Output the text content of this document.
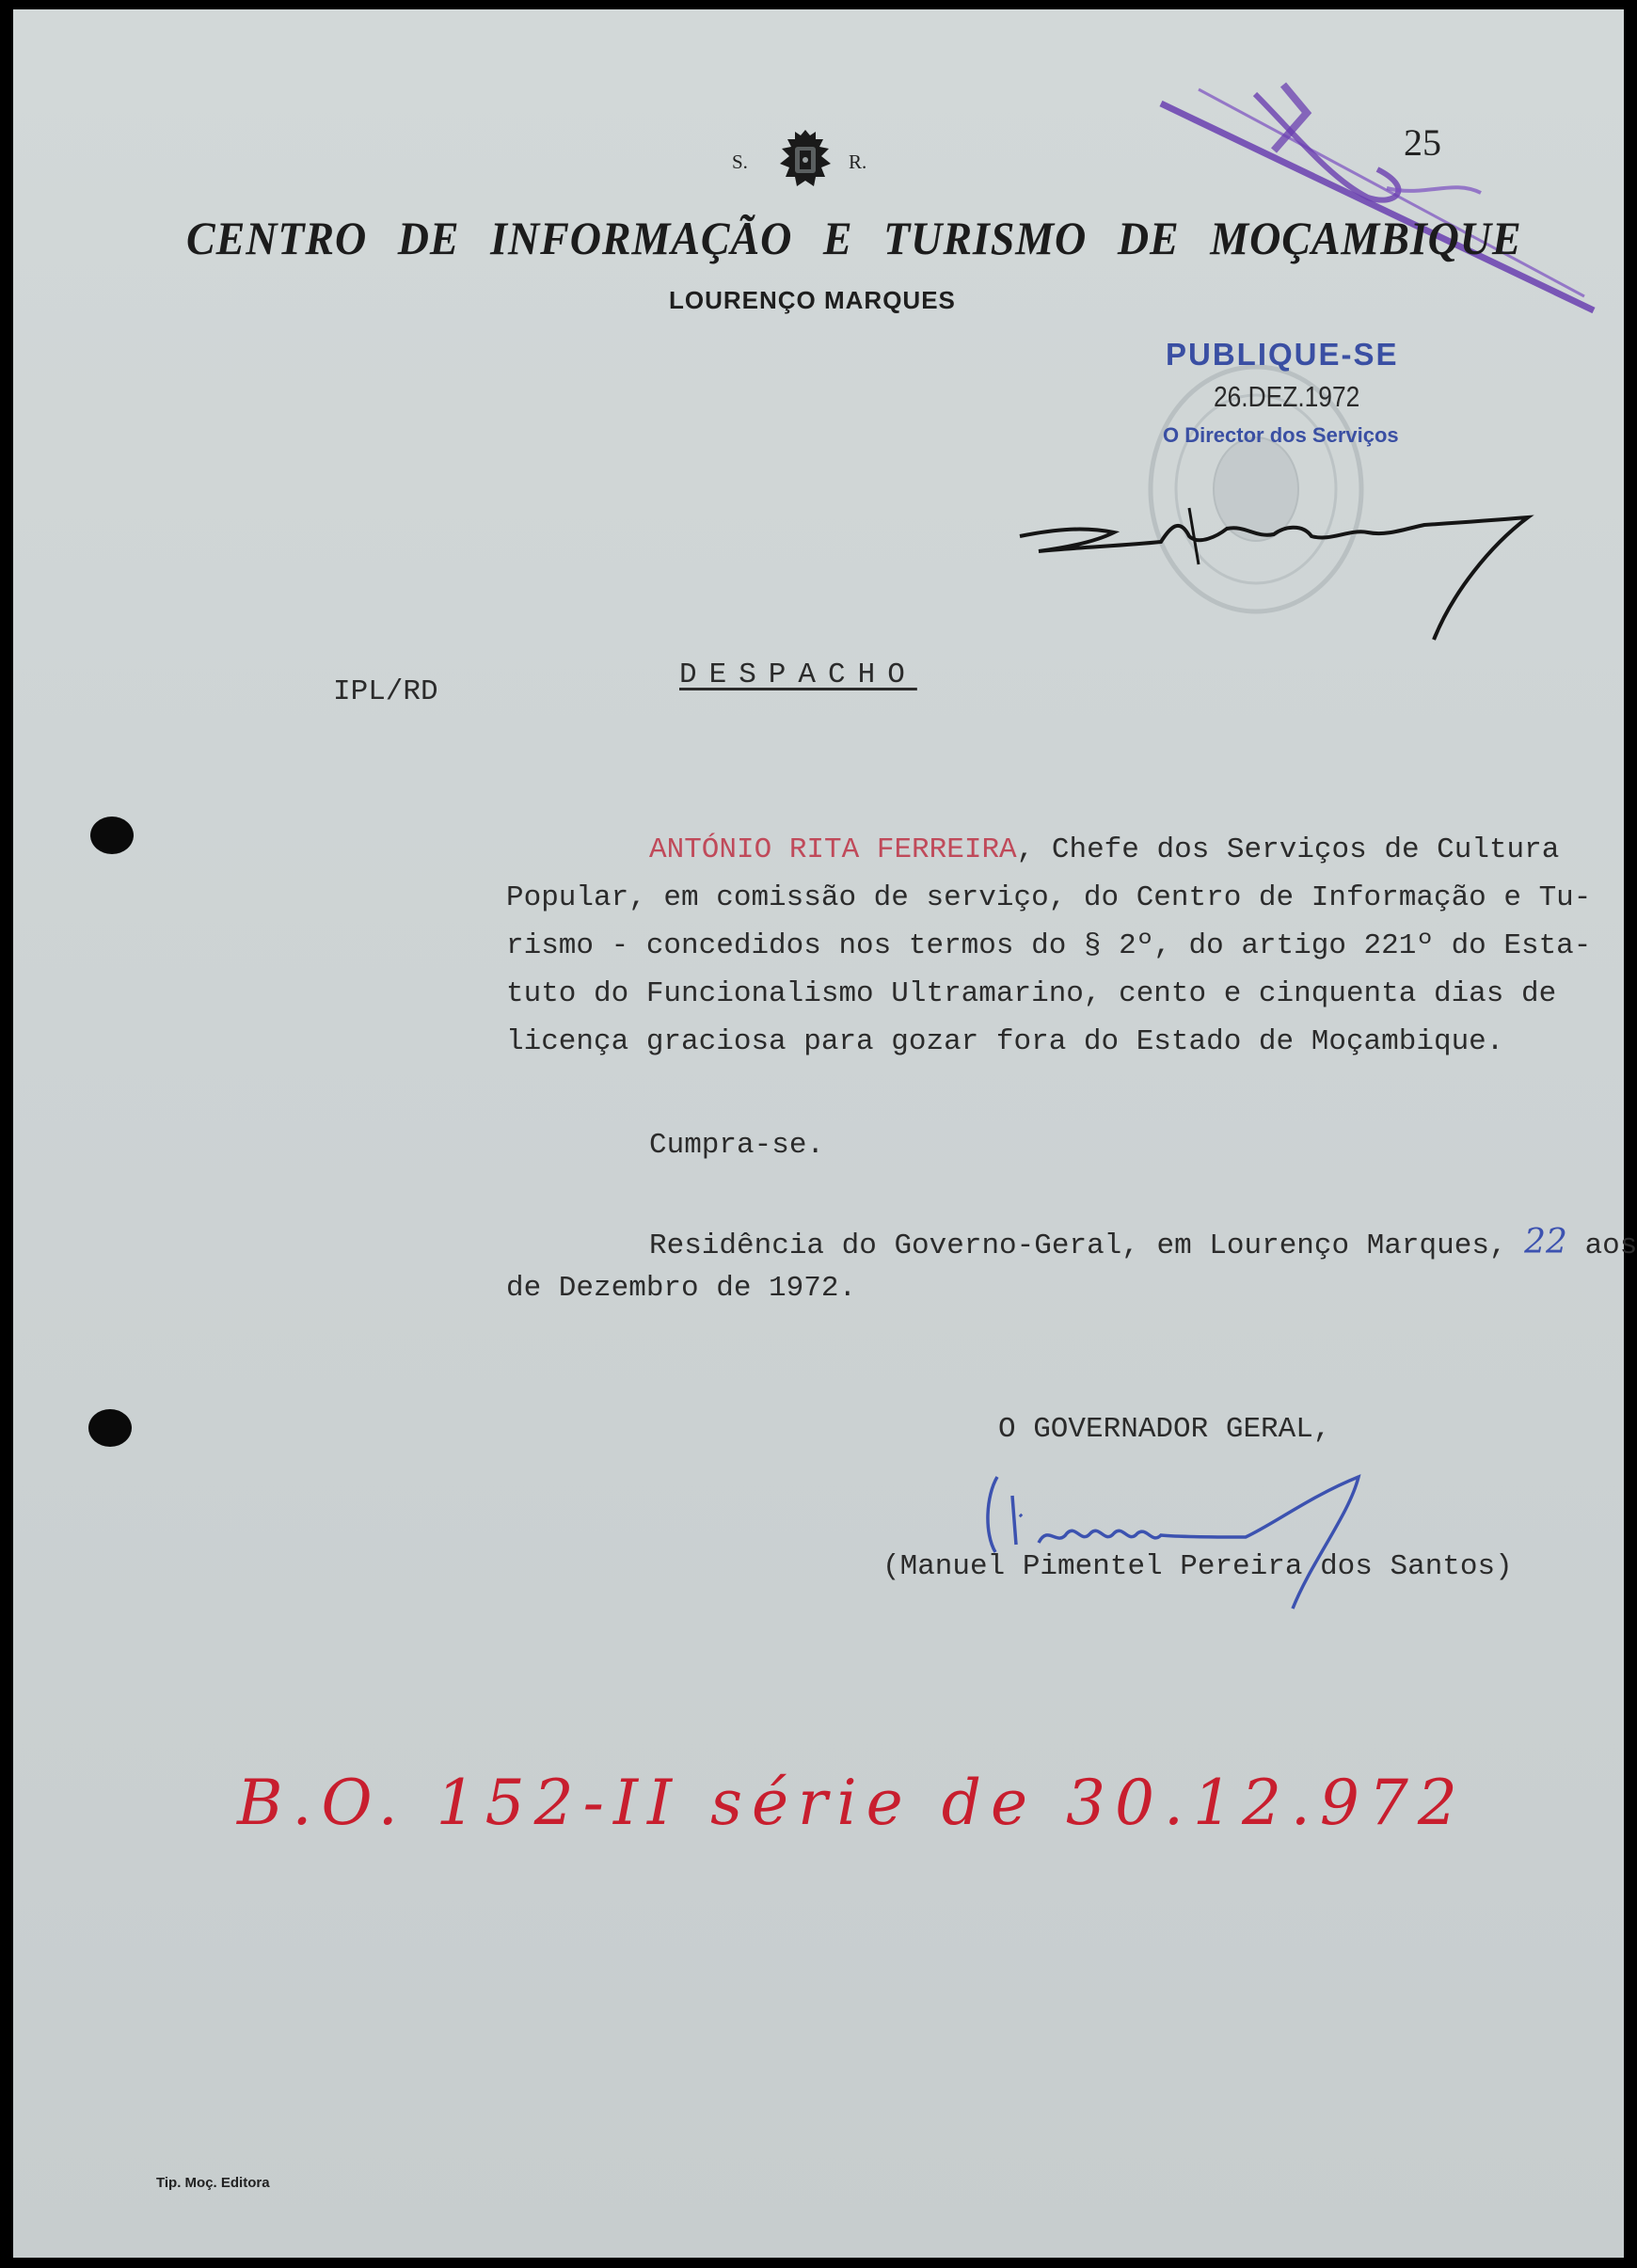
25
S.	R.
CENTRO DE INFORMAÇÃO E TURISMO DE MOÇAMBIQUE
LOURENÇO MARQUES
PUBLIQUE-SE
26.DEZ.1972
O Director dos Serviços
IPL/RD
DESPACHO
ANTÓNIO RITA FERREIRA, Chefe dos Serviços de Cultura
Popular, em comissão de serviço, do Centro de Informação e Tu-
rismo - concedidos nos termos do § 2º, do artigo 221º do Esta-
tuto do Funcionalismo Ultramarino, cento e cinquenta dias de
licença graciosa para gozar fora do Estado de Moçambique.
Cumpra-se.
Residência do Governo-Geral, em Lourenço Marques, 22 aos
de Dezembro de 1972.
O GOVERNADOR GERAL,
(Manuel Pimentel Pereira dos Santos)
B.O. 152-II série de 30.12.972
Tip. Moç. Editora
